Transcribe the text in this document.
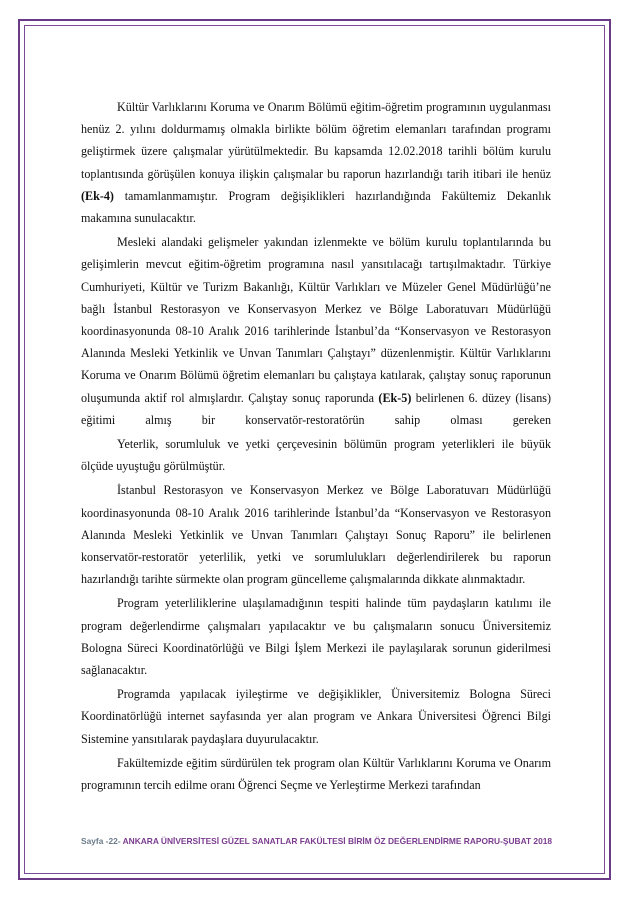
Kültür Varlıklarını Koruma ve Onarım Bölümü eğitim-öğretim programının uygulanması henüz 2. yılını doldurmamış olmakla birlikte bölüm öğretim elemanları tarafından programı geliştirmek üzere çalışmalar yürütülmektedir. Bu kapsamda 12.02.2018 tarihli bölüm kurulu toplantısında görüşülen konuya ilişkin çalışmalar bu raporun hazırlandığı tarih itibari ile henüz (Ek-4) tamamlanmamıştır. Program değişiklikleri hazırlandığında Fakültemiz Dekanlık makamına sunulacaktır.

Mesleki alandaki gelişmeler yakından izlenmekte ve bölüm kurulu toplantılarında bu gelişimlerin mevcut eğitim-öğretim programına nasıl yansıtılacağı tartışılmaktadır. Türkiye Cumhuriyeti, Kültür ve Turizm Bakanlığı, Kültür Varlıkları ve Müzeler Genel Müdürlüğü’ne bağlı İstanbul Restorasyon ve Konservasyon Merkez ve Bölge Laboratuvarı Müdürlüğü koordinasyonunda 08-10 Aralık 2016 tarihlerinde İstanbul’da “Konservasyon ve Restorasyon Alanında Mesleki Yetkinlik ve Unvan Tanımları Çalıştayı” düzenlenmiştir. Kültür Varlıklarını Koruma ve Onarım Bölümü öğretim elemanları bu çalıştaya katılarak, çalıştay sonuç raporunun oluşumunda aktif rol almışlardır. Çalıştay sonuç raporunda (Ek-5) belirlenen 6. düzey (lisans) eğitimi almış bir konservatör-restoratörün sahip olması gereken

Yeterlik, sorumluluk ve yetki çerçevesinin bölümün program yeterlikleri ile büyük ölçüde uyuştuğu görülmüştür.

İstanbul Restorasyon ve Konservasyon Merkez ve Bölge Laboratuvarı Müdürlüğü koordinasyonunda 08-10 Aralık 2016 tarihlerinde İstanbul’da “Konservasyon ve Restorasyon Alanında Mesleki Yetkinlik ve Unvan Tanımları Çalıştayı Sonuç Raporu” ile belirlenen konservatör-restoratör yeterlilik, yetki ve sorumlulukları değerlendirilerek bu raporun hazırlandığı tarihte sürmekte olan program güncelleme çalışmalarında dikkate alınmaktadır.

Program yeterliliklerine ulaşılamadığının tespiti halinde tüm paydaşların katılımı ile program değerlendirme çalışmaları yapılacaktır ve bu çalışmaların sonucu Üniversitemiz Bologna Süreci Koordinatörlüğü ve Bilgi İşlem Merkezi ile paylaşılarak sorunun giderilmesi sağlanacaktır.

Programda yapılacak iyileştirme ve değişiklikler, Üniversitemiz Bologna Süreci Koordinatörlüğü internet sayfasında yer alan program ve Ankara Üniversitesi Öğrenci Bilgi Sistemine yansıtılarak paydaşlara duyurulacaktır.

Fakültemizde eğitim sürdürülen tek program olan Kültür Varlıklarını Koruma ve Onarım programının tercih edilme oranı Öğrenci Seçme ve Yerleştirme Merkezi tarafından

Sayfa -22- ANKARA ÜNİVERSİTESİ GÜZEL SANATLAR FAKÜLTESİ BİRİM ÖZ DEĞERLENDİRME RAPORU-ŞUBAT 2018
